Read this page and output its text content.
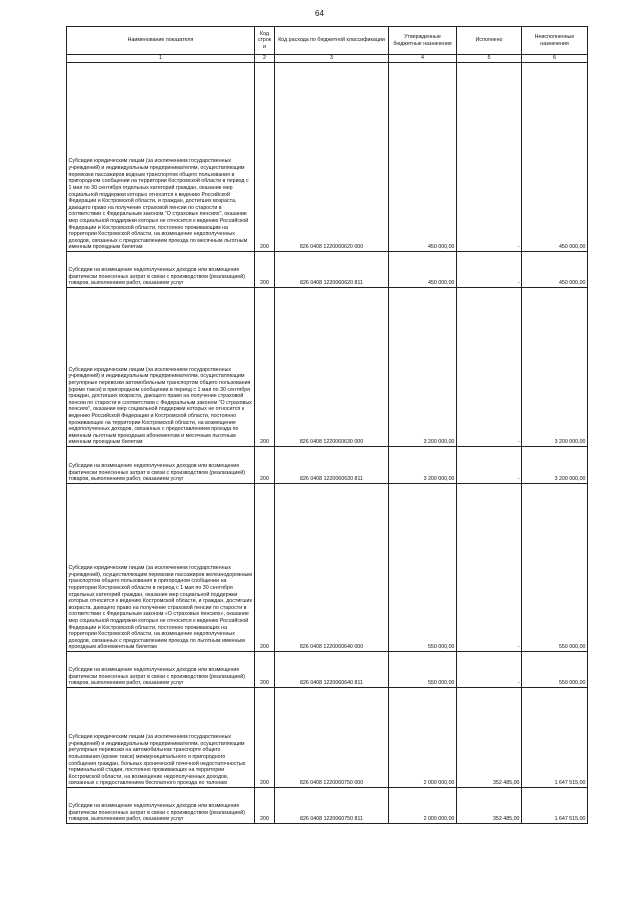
64
Наименование показателя	Код строк и	Код расхода по бюджетной классификации	Утвержденные бюджетные назначения	Исполнено	Неисполненные назначения
1	2	3	4	5	6
Субсидии юридическим лицам (за исключением государственных учреждений) и индивидуальным предпринимателям, осуществляющим перевозки пассажиров водным транспортом общего пользования в пригородном сообщении на территории Костромской области в период с 1 мая по 30 сентября отдельных категорий граждан, оказание мер социальной поддержки которых относится к ведению Российской Федерации и Костромской области, и граждан, достигших возраста, дающего право на получение страховой пенсии по старости в соответствии с Федеральным законом "О страховых пенсиях", оказание мер социальной поддержки которых не относится к ведению Российской Федерации и Костромской области, постоянно проживающим на территории Костромской области, на возмещение недополученных доходов, связанных с предоставлением проезда по месячным льготным именным проездным билетам	200	826 0408 1220060620 000	450 000,00	-	450 000,00
Субсидии на возмещение недополученных доходов или возмещение фактически понесенных затрат в связи с производством (реализацией) товаров, выполнением работ, оказанием услуг	200	826 0408 1220060620 811	450 000,00	-	450 000,00
Субсидии юридическим лицам (за исключением государственных учреждений) и индивидуальным предпринимателям, осуществляющим регулярные перевозки автомобильным транспортом общего пользования (кроме такси) в пригородном сообщении в период с 1 мая по 30 сентября граждан, достигших возраста, дающего право на получение страховой пенсии по старости в соответствии с Федеральным законом "О страховых пенсиях", оказание мер социальной поддержки которых не относится к ведению Российской Федерации и Костромской области, постоянно проживающих на территории Костромской области, на возмещение недополученных доходов, связанных с предоставлением проезда по именным льготным проездным абонементам и месячным льготным именным проездным билетам	200	826 0408 1220060630 000	3 200 000,00	-	3 200 000,00
Субсидии на возмещение недополученных доходов или возмещение фактически понесенных затрат в связи с производством (реализацией) товаров, выполнением работ, оказанием услуг	200	826 0408 1220060630 811	3 200 000,00	-	3 200 000,00
Субсидии юридическим лицам (за исключением государственных учреждений), осуществляющим перевозки пассажиров железнодорожным транспортом общего пользования в пригородном сообщении на территории Костромской области в период с 1 мая по 30 сентября отдельных категорий граждан, оказание мер социальной поддержки которых относится к ведению Костромской области, и граждан, достигших возраста, дающего право на получение страховой пенсии по старости в соответствии с Федеральным законом «О страховых пенсиях», оказание мер социальной поддержки которых не относится к ведению Российской Федерации и Костромской области, постоянно проживающих на территории Костромской области, на возмещение недополученных доходов, связанных с предоставлением проезда по льготным именным проездным абонементным билетам	200	826 0408 1220060640 000	550 000,00	-	550 000,00
Субсидии на возмещение недополученных доходов или возмещение фактически понесенных затрат в связи с производством (реализацией) товаров, выполнением работ, оказанием услуг	200	826 0408 1220060640 811	550 000,00	-	550 000,00
Субсидии юридическим лицам (за исключением государственных учреждений) и индивидуальным предпринимателям, осуществляющим регулярные перевозки на автомобильном транспорте общего пользования (кроме такси) межмуниципального и пригородного сообщения граждан, больных хронической почечной недостаточностью терминальной стадии, постоянно проживающих на территории Костромской области, на возмещение недополученных доходов, связанных с предоставлением бесплатного проезда по талонам	200	826 0408 1220060750 000	2 000 000,00	352 485,00	1 647 515,00
Субсидии на возмещение недополученных доходов или возмещение фактически понесенных затрат в связи с производством (реализацией) товаров, выполнением работ, оказанием услуг	200	826 0408 1220060750 811	2 000 000,00	352 485,00	1 647 515,00
